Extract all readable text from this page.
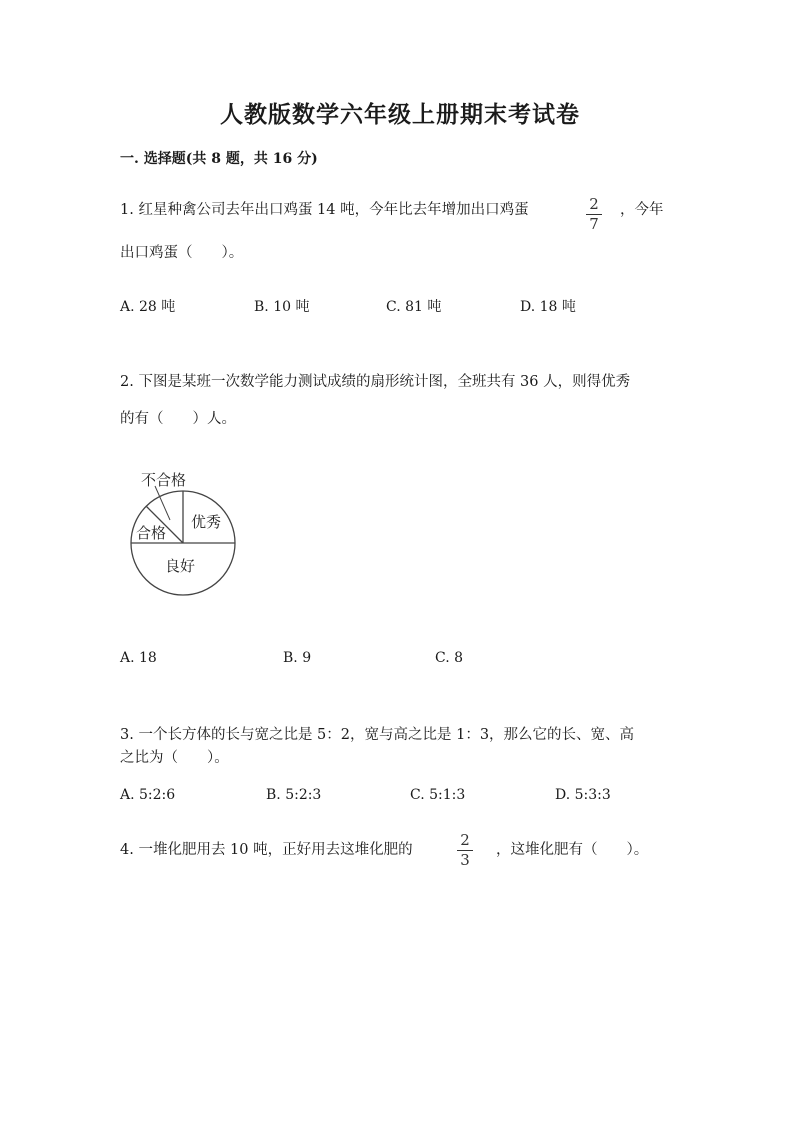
人教版数学六年级上册期末考试卷
一. 选择题(共 8 题，共 16 分)
1. 红星种禽公司去年出口鸡蛋 14 吨，今年比去年增加出口鸡蛋	2
7
，今年
出口鸡蛋（　　）。
A. 28 吨	B. 10 吨	C. 81 吨	D. 18 吨
2. 下图是某班一次数学能力测试成绩的扇形统计图，全班共有 36 人，则得优秀
的有（　　）人。
不合格
合格
优秀
良好
A. 18	B. 9	C. 8
3. 一个长方体的长与宽之比是 5：2，宽与高之比是 1：3，那么它的长、宽、高
之比为（　　）。
A. 5:2:6	B. 5:2:3	C. 5:1:3	D. 5:3:3
4. 一堆化肥用去 10 吨，正好用去这堆化肥的
2
3
，这堆化肥有（　　）。
